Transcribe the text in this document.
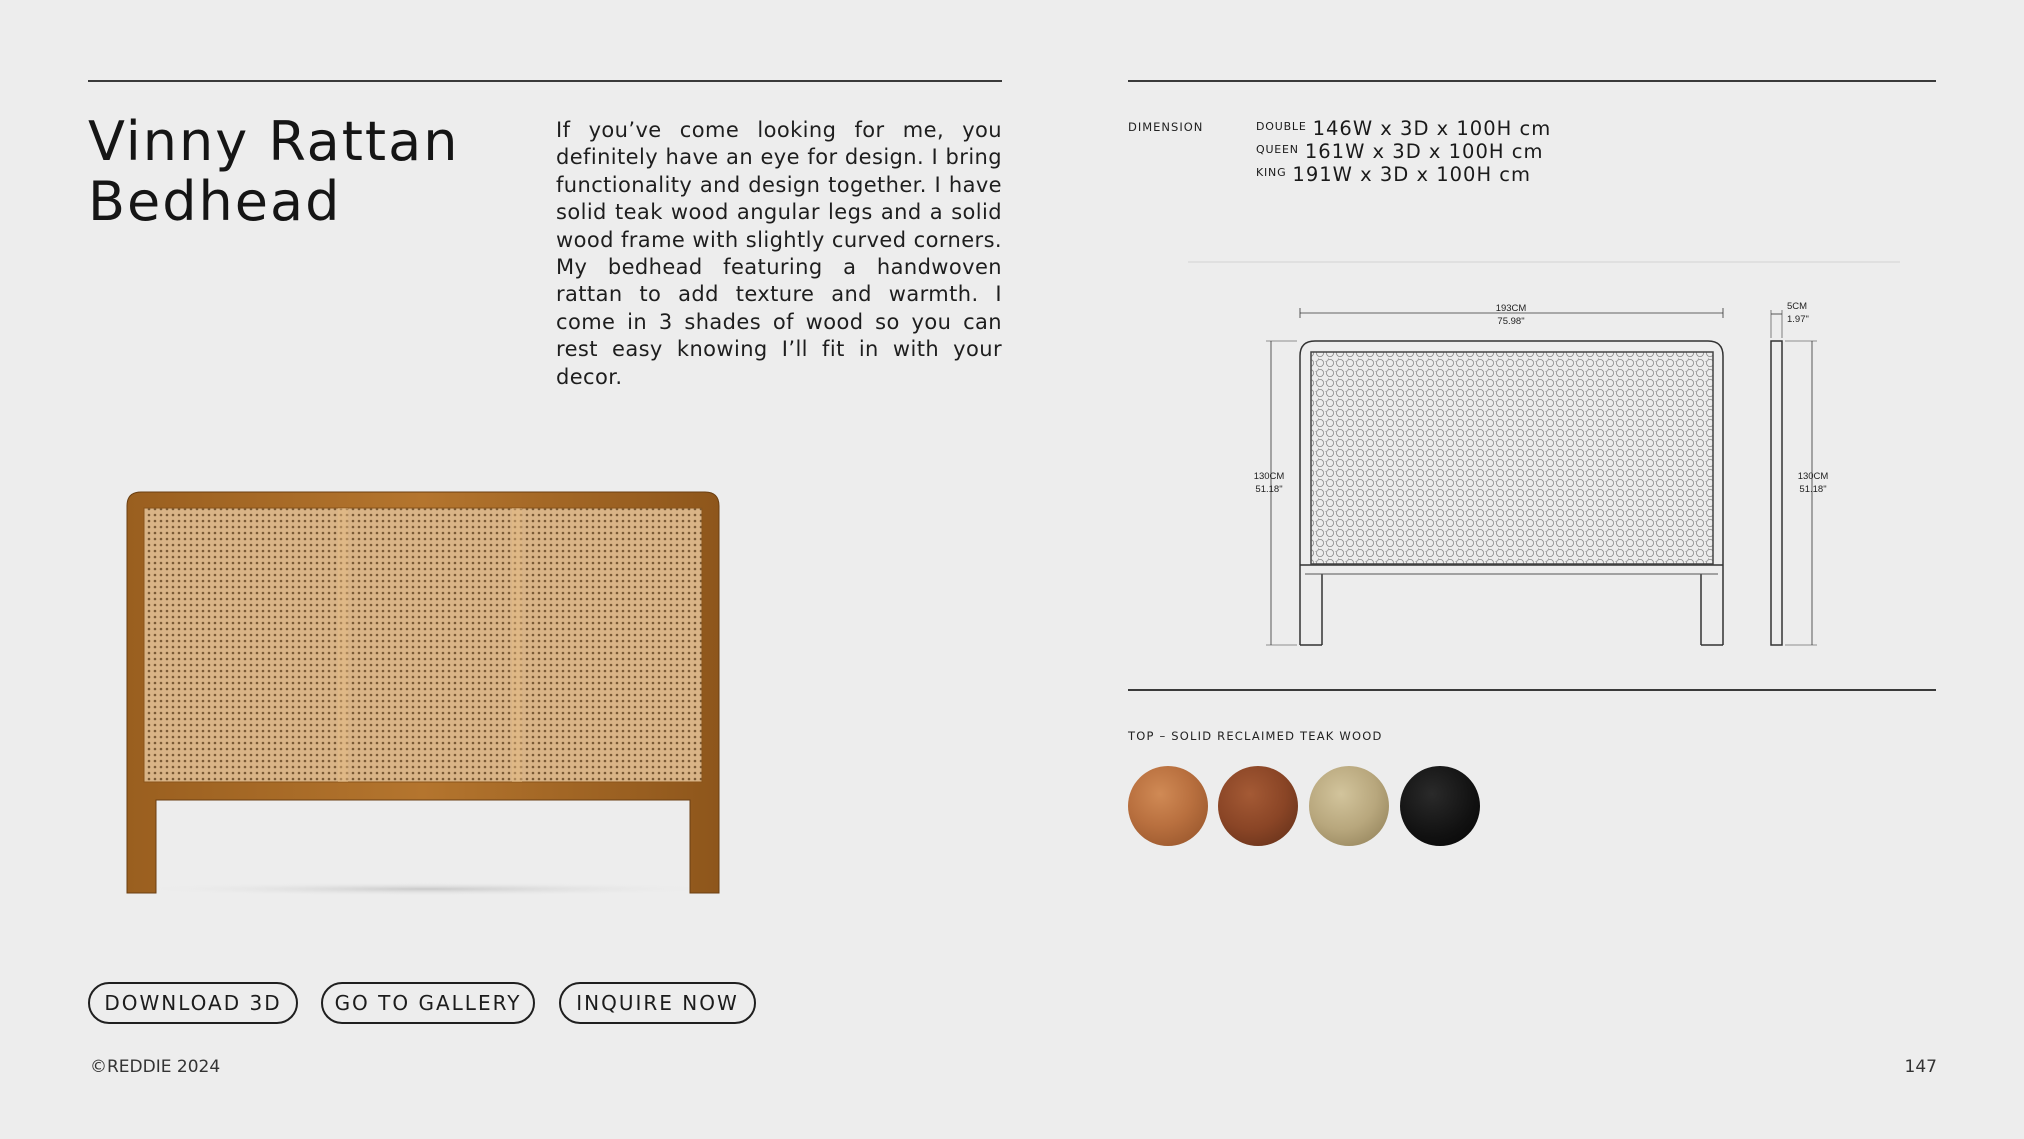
Vinny Rattan
Bedhead

If you’ve come looking for me, you definitely have an eye for design. I bring functionality and design together. I have solid teak wood angular legs and a solid wood frame with slightly curved corners. My bedhead featuring a handwoven rattan to add texture and warmth. I come in 3 shades of wood so you can rest easy knowing I’ll fit in with your decor.

DIMENSION	$^{DOUBLE}$ 146W x 3D x 100H cm
$^{QUEEN}$ 161W x 3D x 100H cm
$^{KING}$ 191W x 3D x 100H cm
193CM
75.98"
130CM
51.18"
5CM
1.97"
130CM
51.18"
TOP – SOLID RECLAIMED TEAK WOOD
DOWNLOAD 3D	GO TO GALLERY	INQUIRE NOW
©REDDIE 2024	147
